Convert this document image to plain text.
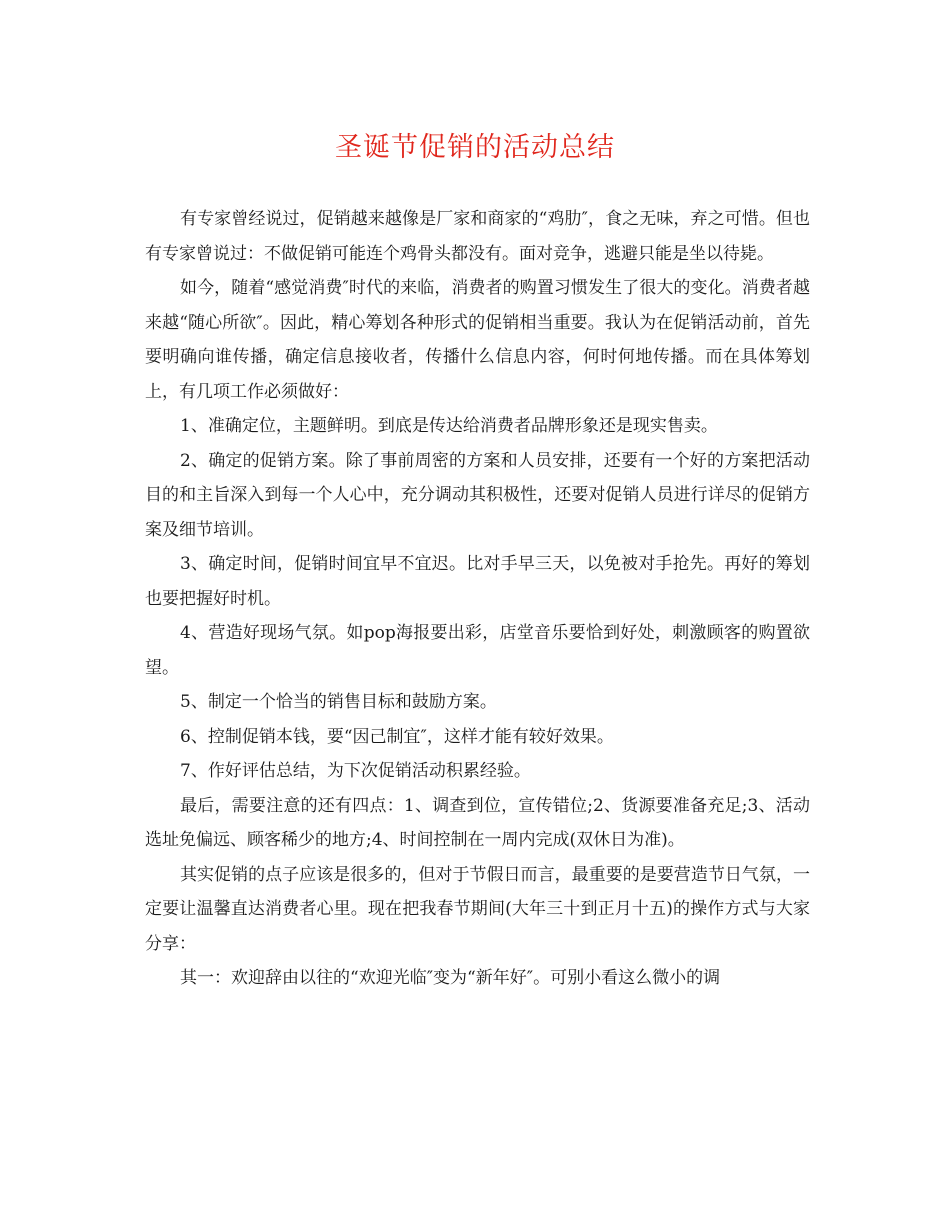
圣诞节促销的活动总结

有专家曾经说过，促销越来越像是厂家和商家的“鸡肋″，食之无味，弃之可惜。但也有专家曾说过：不做促销可能连个鸡骨头都没有。面对竞争，逃避只能是坐以待毙。

如今，随着“感觉消费″时代的来临，消费者的购置习惯发生了很大的变化。消费者越来越“随心所欲″。因此，精心筹划各种形式的促销相当重要。我认为在促销活动前，首先要明确向谁传播，确定信息接收者，传播什么信息内容，何时何地传播。而在具体筹划上，有几项工作必须做好：

1、准确定位，主题鲜明。到底是传达给消费者品牌形象还是现实售卖。

2、确定的促销方案。除了事前周密的方案和人员安排，还要有一个好的方案把活动目的和主旨深入到每一个人心中，充分调动其积极性，还要对促销人员进行详尽的促销方案及细节培训。

3、确定时间，促销时间宜早不宜迟。比对手早三天，以免被对手抢先。再好的筹划也要把握好时机。

4、营造好现场气氛。如pop海报要出彩，店堂音乐要恰到好处，刺激顾客的购置欲望。

5、制定一个恰当的销售目标和鼓励方案。

6、控制促销本钱，要“因己制宜″，这样才能有较好效果。

7、作好评估总结，为下次促销活动积累经验。

最后，需要注意的还有四点：1、调查到位，宣传错位;2、货源要准备充足;3、活动选址免偏远、顾客稀少的地方;4、时间控制在一周内完成(双休日为准)。

其实促销的点子应该是很多的，但对于节假日而言，最重要的是要营造节日气氛，一定要让温馨直达消费者心里。现在把我春节期间(大年三十到正月十五)的操作方式与大家分享：

其一：欢迎辞由以往的“欢迎光临″变为“新年好″。可别小看这么微小的调
